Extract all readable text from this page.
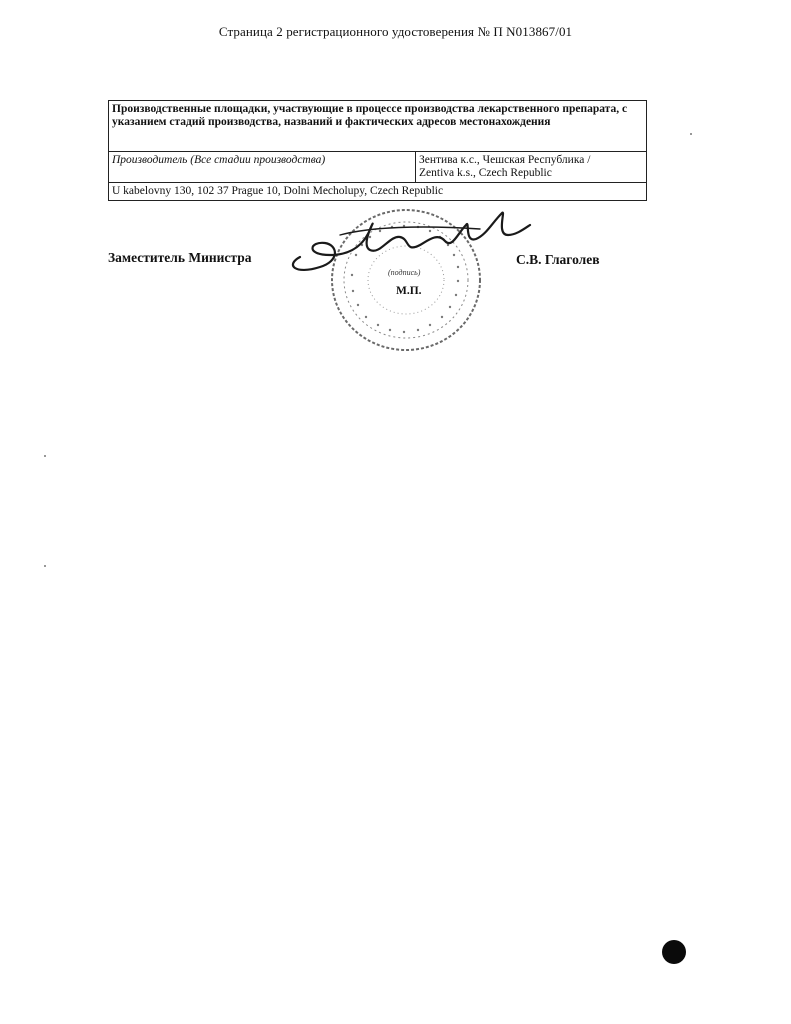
Страница 2 регистрационного удостоверения № П N013867/01
Производственные площадки, участвующие в процессе производства лекарственного препарата, с указанием стадий производства, названий и фактических адресов местонахождения
Производитель (Все стадии производства)	Зентива к.с., Чешская Республика /
Zentiva k.s., Czech Republic

U kabelovny 130, 102 37 Prague 10, Dolni Mecholupy, Czech Republic
Заместитель Министра
(подпись)
М.П.
С.В. Глаголев
